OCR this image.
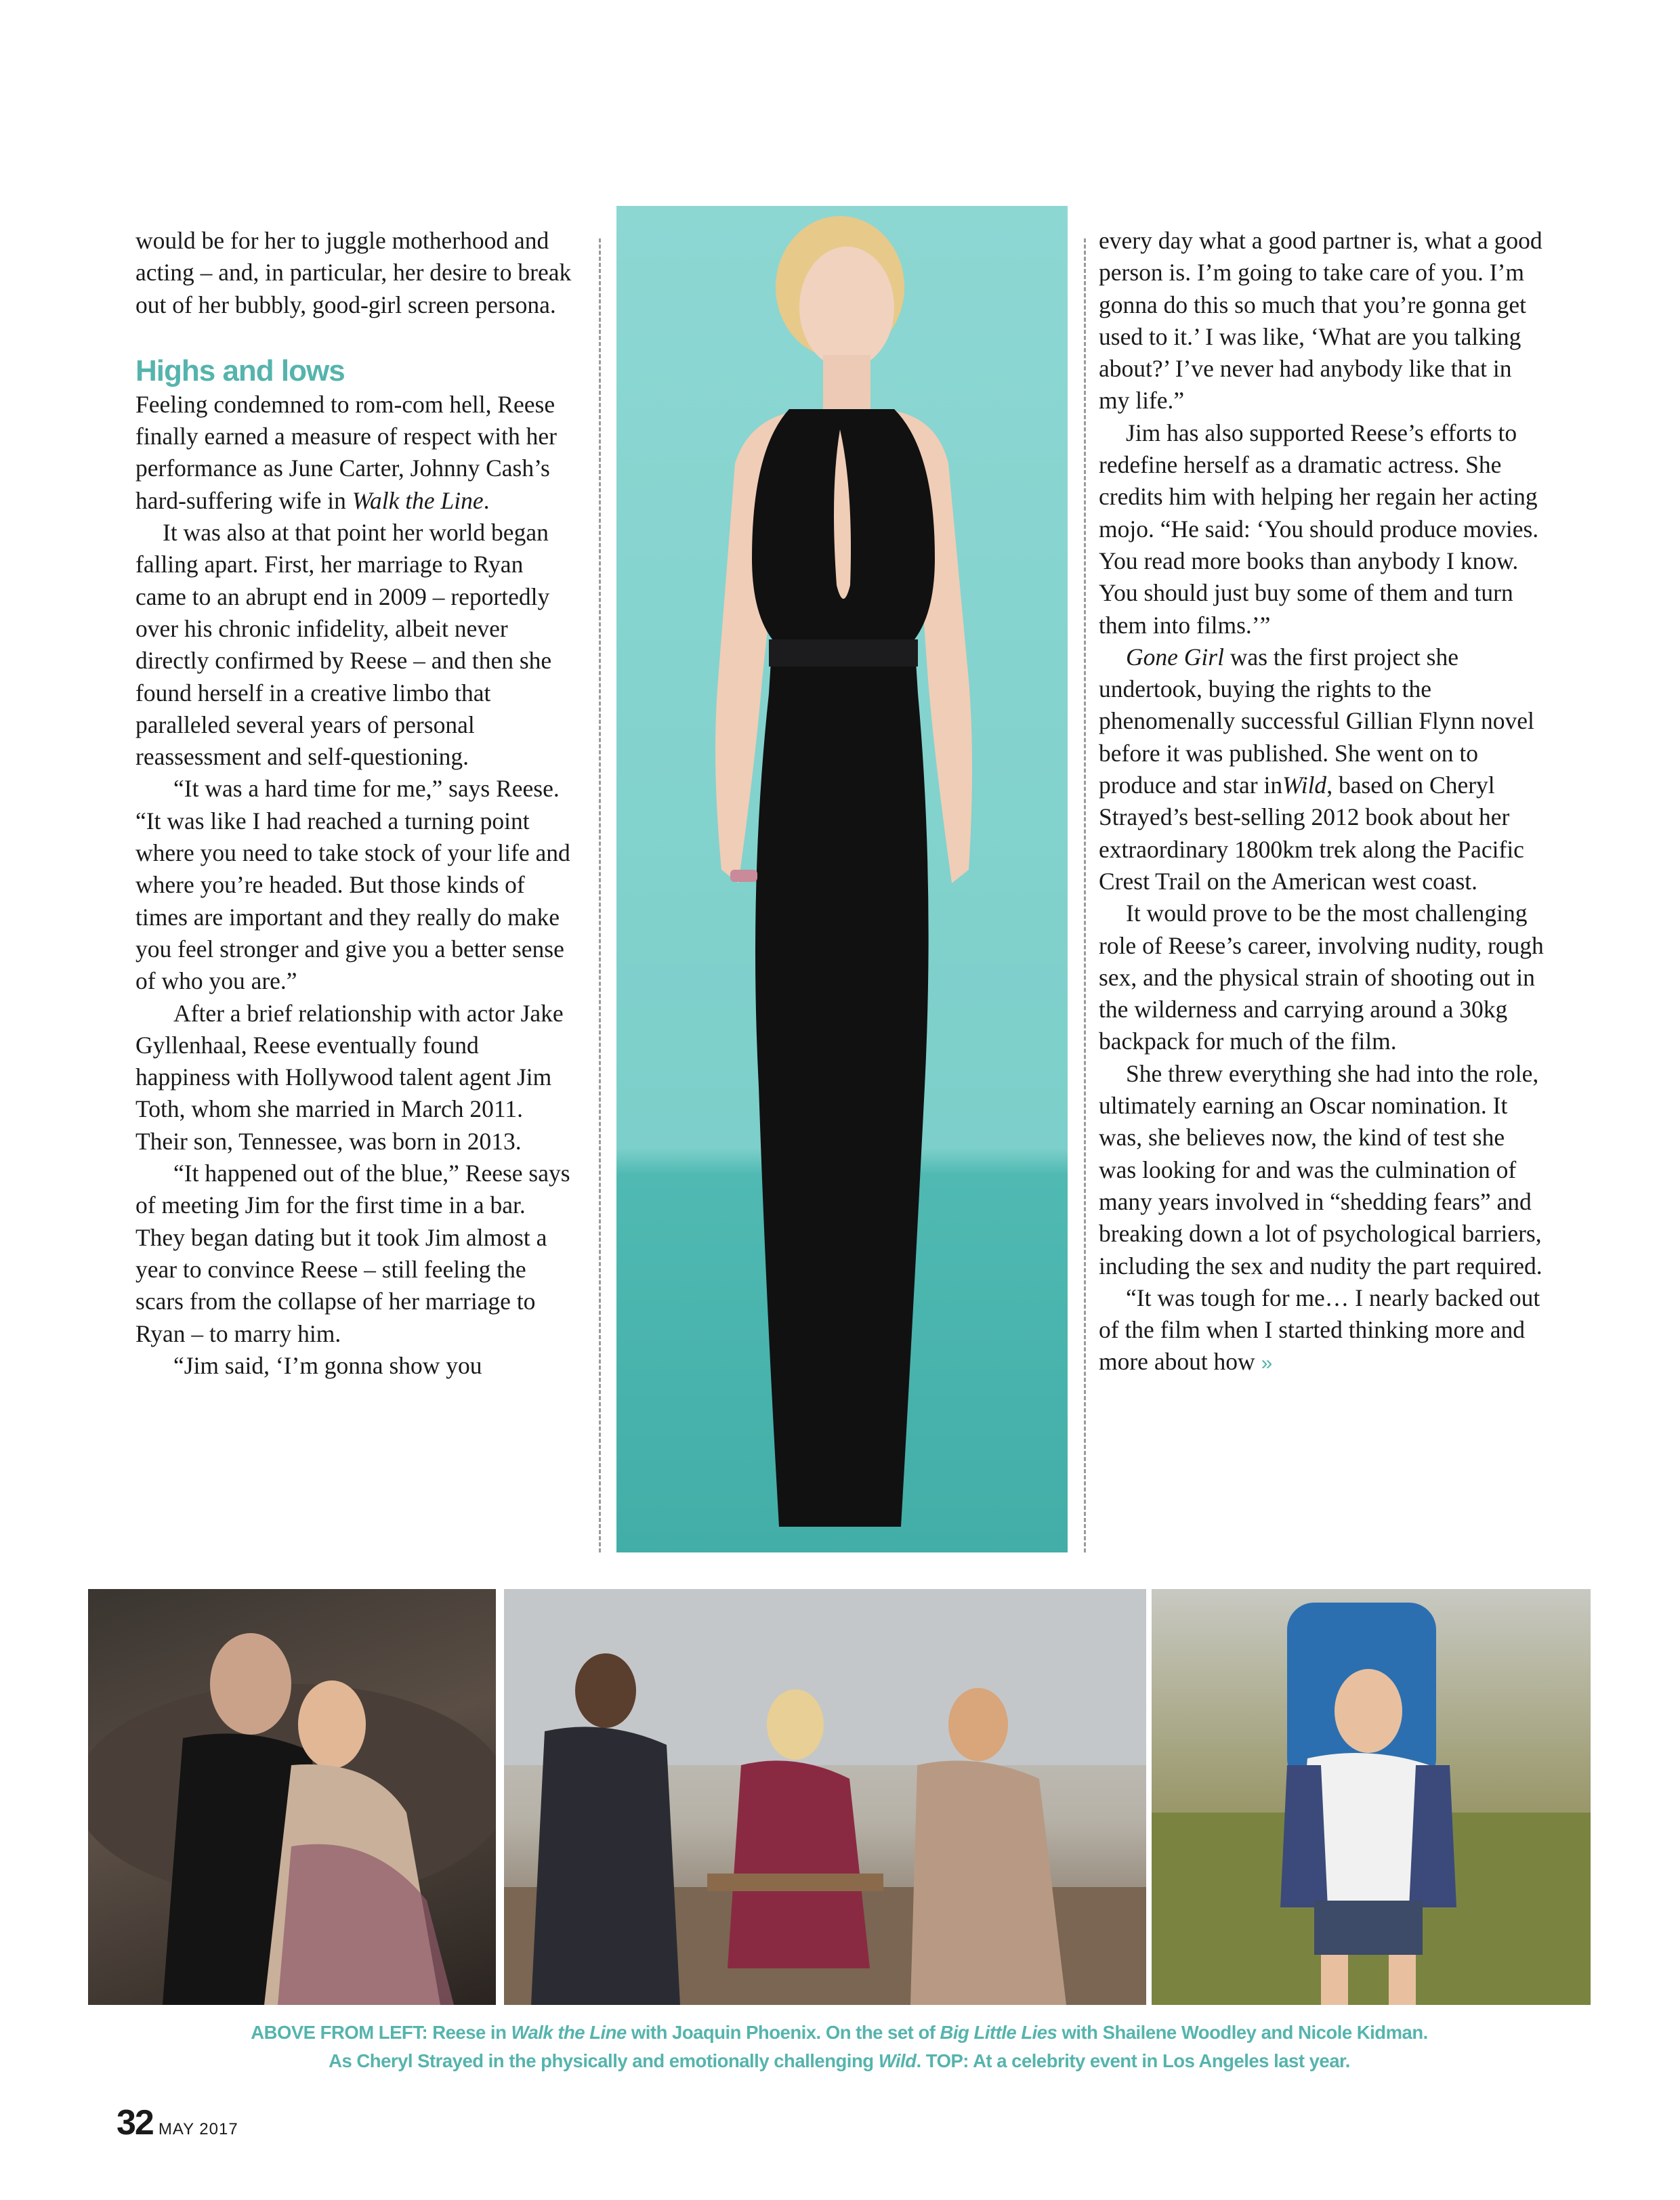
would be for her to juggle motherhood and acting – and, in particular, her desire to break out of her bubbly, good-girl screen persona.

Highs and lows

Feeling condemned to rom-com hell, Reese finally earned a measure of respect with her performance as June Carter, Johnny Cash’s hard-suffering wife in Walk the Line.

It was also at that point her world began falling apart. First, her marriage to Ryan came to an abrupt end in 2009 – reportedly over his chronic infidelity, albeit never directly confirmed by Reese – and then she found herself in a creative limbo that paralleled several years of personal reassessment and self-questioning.

“It was a hard time for me,” says Reese. “It was like I had reached a turning point where you need to take stock of your life and where you’re headed. But those kinds of times are important and they really do make you feel stronger and give you a better sense of who you are.”

After a brief relationship with actor Jake Gyllenhaal, Reese eventually found happiness with Hollywood talent agent Jim Toth, whom she married in March 2011. Their son, Tennessee, was born in 2013.

“It happened out of the blue,” Reese says of meeting Jim for the first time in a bar. They began dating but it took Jim almost a year to convince Reese – still feeling the scars from the collapse of her marriage to Ryan – to marry him.

“Jim said, ‘I’m gonna show you

every day what a good partner is, what a good person is. I’m going to take care of you. I’m gonna do this so much that you’re gonna get used to it.’ I was like, ‘What are you talking about?’ I’ve never had anybody like that in my life.”

Jim has also supported Reese’s efforts to redefine herself as a dramatic actress. She credits him with helping her regain her acting mojo. “He said: ‘You should produce movies. You read more books than anybody I know. You should just buy some of them and turn them into films.’”

Gone Girl was the first project she undertook, buying the rights to the phenomenally successful Gillian Flynn novel before it was published. She went on to produce and star inWild, based on Cheryl Strayed’s best-selling 2012 book about her extraordinary 1800km trek along the Pacific Crest Trail on the American west coast.

It would prove to be the most challenging role of Reese’s career, involving nudity, rough sex, and the physical strain of shooting out in the wilderness and carrying around a 30kg backpack for much of the film.

She threw everything she had into the role, ultimately earning an Oscar nomination. It was, she believes now, the kind of test she was looking for and was the culmination of many years involved in “shedding fears” and breaking down a lot of psychological barriers, including the sex and nudity the part required.

“It was tough for me… I nearly backed out of the film when I started thinking more and more about how »

ABOVE FROM LEFT: Reese in Walk the Line with Joaquin Phoenix. On the set of Big Little Lies with Shailene Woodley and Nicole Kidman.
As Cheryl Strayed in the physically and emotionally challenging Wild. TOP: At a celebrity event in Los Angeles last year.
32 MAY 2017
